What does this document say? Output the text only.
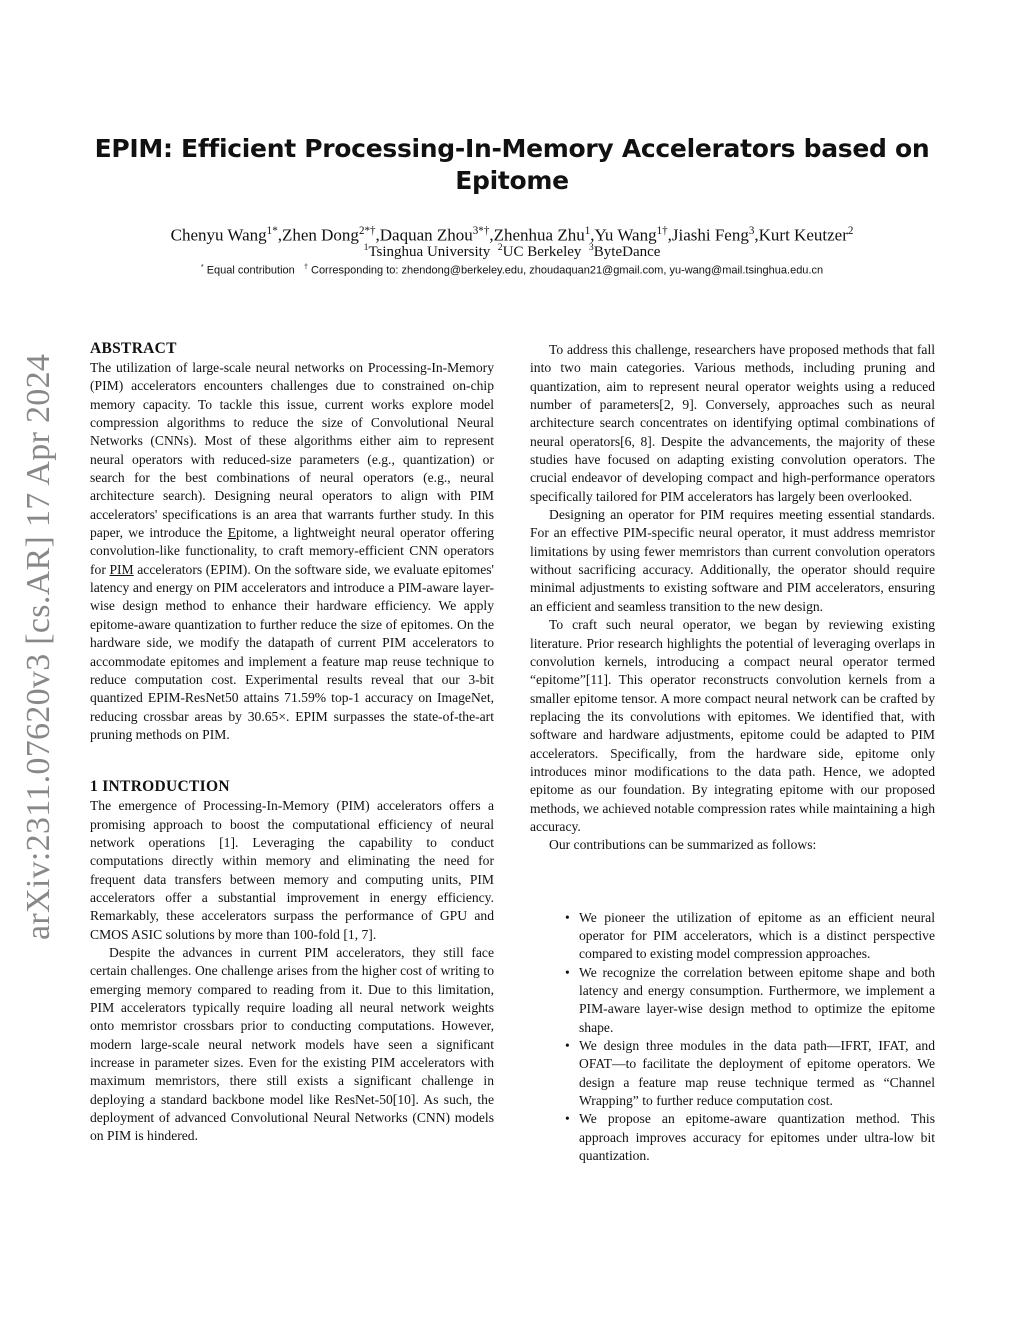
arXiv:2311.07620v3 [cs.AR] 17 Apr 2024
EPIM: Efficient Processing-In-Memory Accelerators based on Epitome
Chenyu Wang$^{1*}$,Zhen Dong$^{2*\dagger}$,Daquan Zhou$^{3*\dagger}$,Zhenhua Zhu$^1$,Yu Wang$^{1\dagger}$,Jiashi Feng$^3$,Kurt Keutzer$^2$
$^1$Tsinghua University $^2$UC Berkeley $^3$ByteDance
* Equal contribution † Corresponding to: zhendong@berkeley.edu, zhoudaquan21@gmail.com, yu-wang@mail.tsinghua.edu.cn
ABSTRACT

The utilization of large-scale neural networks on Processing-In-Memory (PIM) accelerators encounters challenges due to constrained on-chip memory capacity. To tackle this issue, current works explore model compression algorithms to reduce the size of Convolutional Neural Networks (CNNs). Most of these algorithms either aim to represent neural operators with reduced-size parameters (e.g., quantization) or search for the best combinations of neural operators (e.g., neural architecture search). Designing neural operators to align with PIM accelerators' specifications is an area that warrants further study. In this paper, we introduce the Epitome, a lightweight neural operator offering convolution-like functionality, to craft memory-efficient CNN operators for PIM accelerators (EPIM). On the software side, we evaluate epitomes' latency and energy on PIM accelerators and introduce a PIM-aware layer-wise design method to enhance their hardware efficiency. We apply epitome-aware quantization to further reduce the size of epitomes. On the hardware side, we modify the datapath of current PIM accelerators to accommodate epitomes and implement a feature map reuse technique to reduce computation cost. Experimental results reveal that our 3-bit quantized EPIM-ResNet50 attains 71.59% top-1 accuracy on ImageNet, reducing crossbar areas by 30.65×. EPIM surpasses the state-of-the-art pruning methods on PIM.

1 INTRODUCTION

The emergence of Processing-In-Memory (PIM) accelerators offers a promising approach to boost the computational efficiency of neural network operations [1]. Leveraging the capability to conduct computations directly within memory and eliminating the need for frequent data transfers between memory and computing units, PIM accelerators offer a substantial improvement in energy efficiency. Remarkably, these accelerators surpass the performance of GPU and CMOS ASIC solutions by more than 100-fold [1, 7].

Despite the advances in current PIM accelerators, they still face certain challenges. One challenge arises from the higher cost of writing to emerging memory compared to reading from it. Due to this limitation, PIM accelerators typically require loading all neural network weights onto memristor crossbars prior to conducting computations. However, modern large-scale neural network models have seen a significant increase in parameter sizes. Even for the existing PIM accelerators with maximum memristors, there still exists a significant challenge in deploying a standard backbone model like ResNet-50[10]. As such, the deployment of advanced Convolutional Neural Networks (CNN) models on PIM is hindered.

To address this challenge, researchers have proposed methods that fall into two main categories. Various methods, including pruning and quantization, aim to represent neural operator weights using a reduced number of parameters[2, 9]. Conversely, approaches such as neural architecture search concentrates on identifying optimal combinations of neural operators[6, 8]. Despite the advancements, the majority of these studies have focused on adapting existing convolution operators. The crucial endeavor of developing compact and high-performance operators specifically tailored for PIM accelerators has largely been overlooked.

Designing an operator for PIM requires meeting essential standards. For an effective PIM-specific neural operator, it must address memristor limitations by using fewer memristors than current convolution operators without sacrificing accuracy. Additionally, the operator should require minimal adjustments to existing software and PIM accelerators, ensuring an efficient and seamless transition to the new design.

To craft such neural operator, we began by reviewing existing literature. Prior research highlights the potential of leveraging overlaps in convolution kernels, introducing a compact neural operator termed “epitome”[11]. This operator reconstructs convolution kernels from a smaller epitome tensor. A more compact neural network can be crafted by replacing the its convolutions with epitomes. We identified that, with software and hardware adjustments, epitome could be adapted to PIM accelerators. Specifically, from the hardware side, epitome only introduces minor modifications to the data path. Hence, we adopted epitome as our foundation. By integrating epitome with our proposed methods, we achieved notable compression rates while maintaining a high accuracy.

Our contributions can be summarized as follows:

• We pioneer the utilization of epitome as an efficient neural operator for PIM accelerators, which is a distinct perspective compared to existing model compression approaches.
• We recognize the correlation between epitome shape and both latency and energy consumption. Furthermore, we implement a PIM-aware layer-wise design method to optimize the epitome shape.
• We design three modules in the data path—IFRT, IFAT, and OFAT—to facilitate the deployment of epitome operators. We design a feature map reuse technique termed as “Channel Wrapping” to further reduce computation cost.
• We propose an epitome-aware quantization method. This approach improves accuracy for epitomes under ultra-low bit quantization.
